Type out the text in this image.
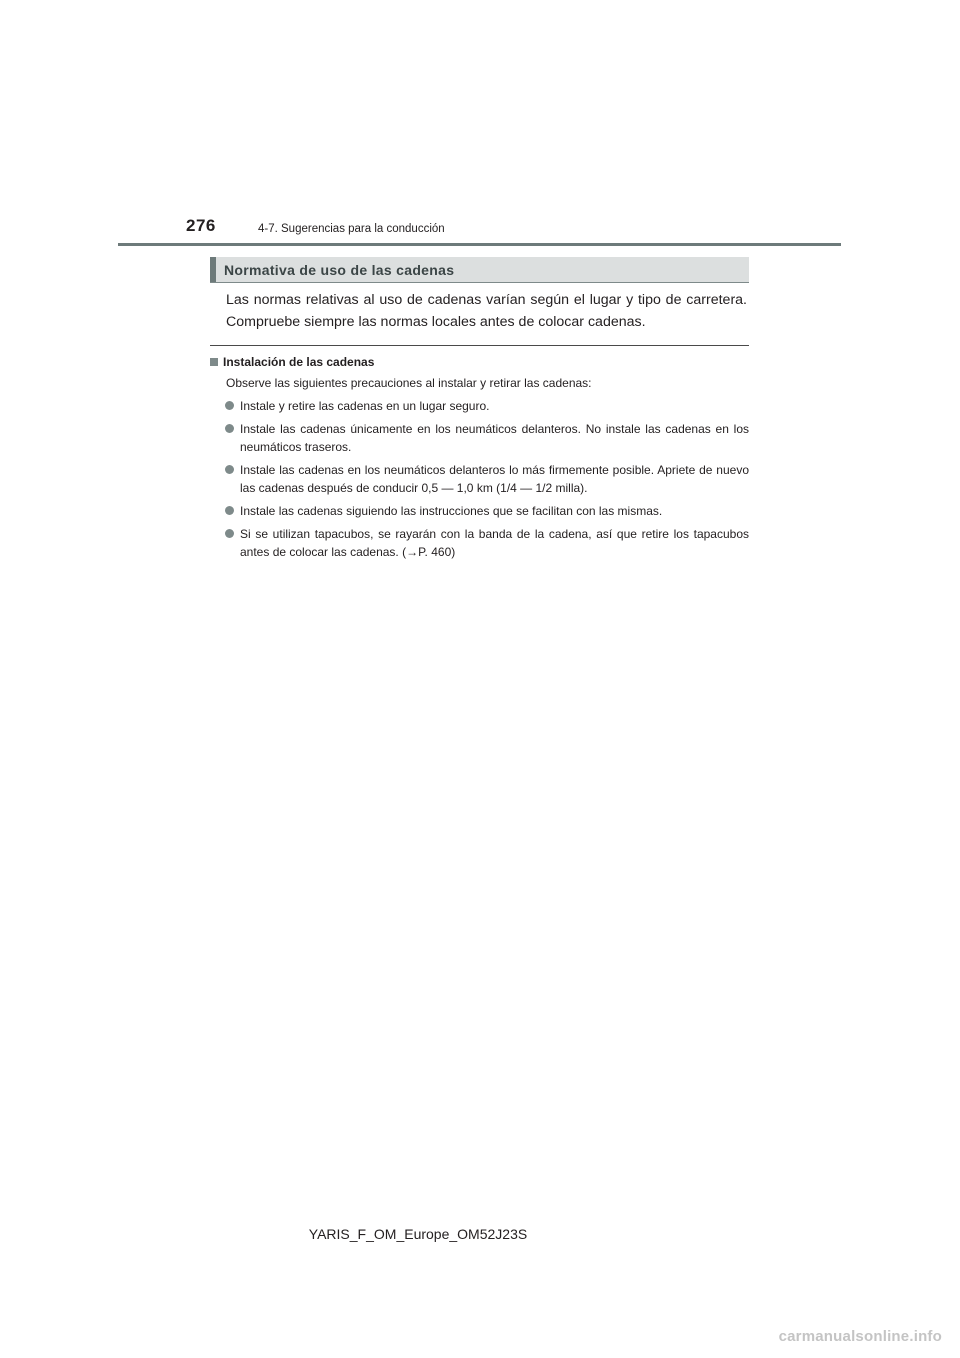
276	4-7. Sugerencias para la conducción
Normativa de uso de las cadenas
Las normas relativas al uso de cadenas varían según el lugar y tipo de carretera. Compruebe siempre las normas locales antes de colocar cadenas.
Instalación de las cadenas
Observe las siguientes precauciones al instalar y retirar las cadenas:
Instale y retire las cadenas en un lugar seguro.
Instale las cadenas únicamente en los neumáticos delanteros. No instale las cadenas en los neumáticos traseros.
Instale las cadenas en los neumáticos delanteros lo más firmemente posible. Apriete de nuevo las cadenas después de conducir 0,5 — 1,0 km (1/4 — 1/2 milla).
Instale las cadenas siguiendo las instrucciones que se facilitan con las mismas.
Si se utilizan tapacubos, se rayarán con la banda de la cadena, así que retire los tapacubos antes de colocar las cadenas. (→P. 460)
YARIS_F_OM_Europe_OM52J23S
carmanualsonline.info
